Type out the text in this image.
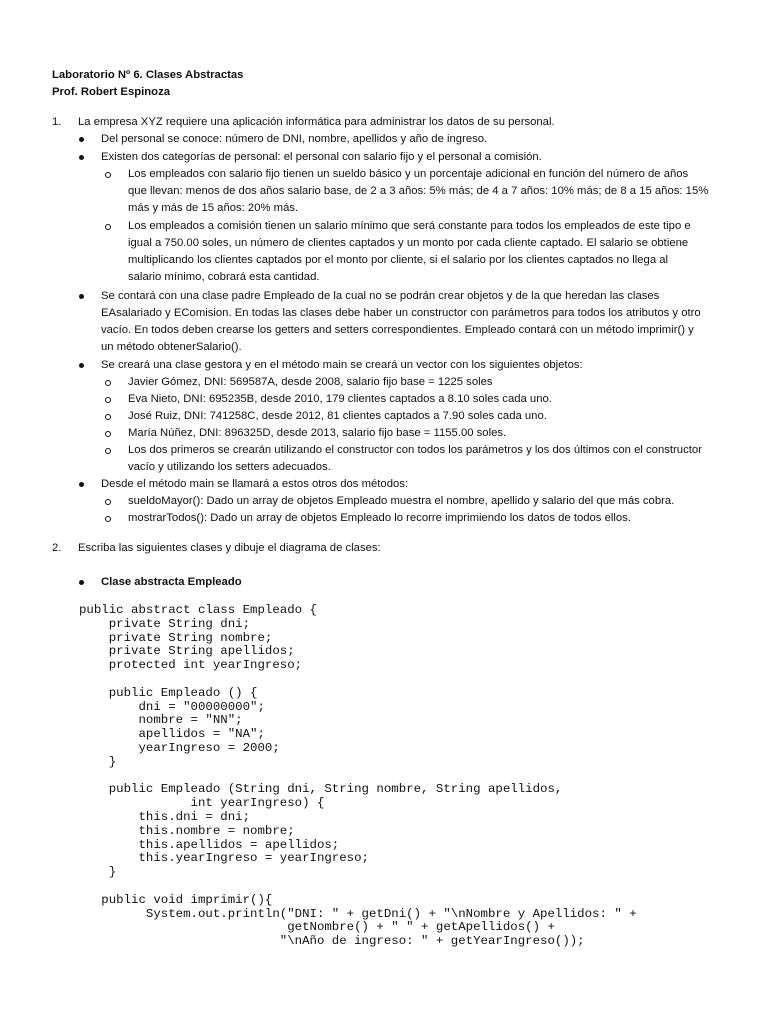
Laboratorio Nº 6. Clases Abstractas
Prof. Robert Espinoza
1. La empresa XYZ requiere una aplicación informática para administrar los datos de su personal.
Del personal se conoce: número de DNI, nombre, apellidos y año de ingreso.
Existen dos categorías de personal: el personal con salario fijo y el personal a comisión.
Los empleados con salario fijo tienen un sueldo básico y un porcentaje adicional en función del número de años
que llevan: menos de dos años salario base, de 2 a 3 años: 5% más; de 4 a 7 años: 10% más; de 8 a 15 años: 15%
más y más de 15 años: 20% más.
Los empleados a comisión tienen un salario mínimo que será constante para todos los empleados de este tipo e
igual a 750.00 soles, un número de clientes captados y un monto por cada cliente captado. El salario se obtiene
multiplicando los clientes captados por el monto por cliente, si el salario por los clientes captados no llega al
salario mínimo, cobrará esta cantidad.
Se contará con una clase padre Empleado de la cual no se podrán crear objetos y de la que heredan las clases
EAsalariado y EComision. En todas las clases debe haber un constructor con parámetros para todos los atributos y otro
vacío. En todos deben crearse los getters and setters correspondientes. Empleado contará con un método imprimir() y
un método obtenerSalario().
Se creará una clase gestora y en el método main se creará un vector con los siguientes objetos:
Javier Gómez, DNI: 569587A, desde 2008, salario fijo base = 1225 soles
Eva Nieto, DNI: 695235B, desde 2010, 179 clientes captados a 8.10 soles cada uno.
José Ruiz, DNI: 741258C, desde 2012, 81 clientes captados a 7.90 soles cada uno.
María Núñez, DNI: 896325D, desde 2013, salario fijo base = 1155.00 soles.
Los dos primeros se crearán utilizando el constructor con todos los parámetros y los dos últimos con el constructor
vacío y utilizando los setters adecuados.
Desde el método main se llamará a estos otros dos métodos:
sueldoMayor(): Dado un array de objetos Empleado muestra el nombre, apellido y salario del que más cobra.
mostrarTodos(): Dado un array de objetos Empleado lo recorre imprimiendo los datos de todos ellos.
2. Escriba las siguientes clases y dibuje el diagrama de clases:
Clase abstracta Empleado
public abstract class Empleado {
private String dni;
private String nombre;
private String apellidos;
protected int yearIngreso;
public Empleado () {
dni = "00000000";
nombre = "NN";
apellidos = "NA";
yearIngreso = 2000;
}
public Empleado (String dni, String nombre, String apellidos,
int yearIngreso) {
this.dni = dni;
this.nombre = nombre;
this.apellidos = apellidos;
this.yearIngreso = yearIngreso;
}
public void imprimir(){
System.out.println("DNI: " + getDni() + "\nNombre y Apellidos: " +
getNombre() + " " + getApellidos() +
"\nAño de ingreso: " + getYearIngreso());
